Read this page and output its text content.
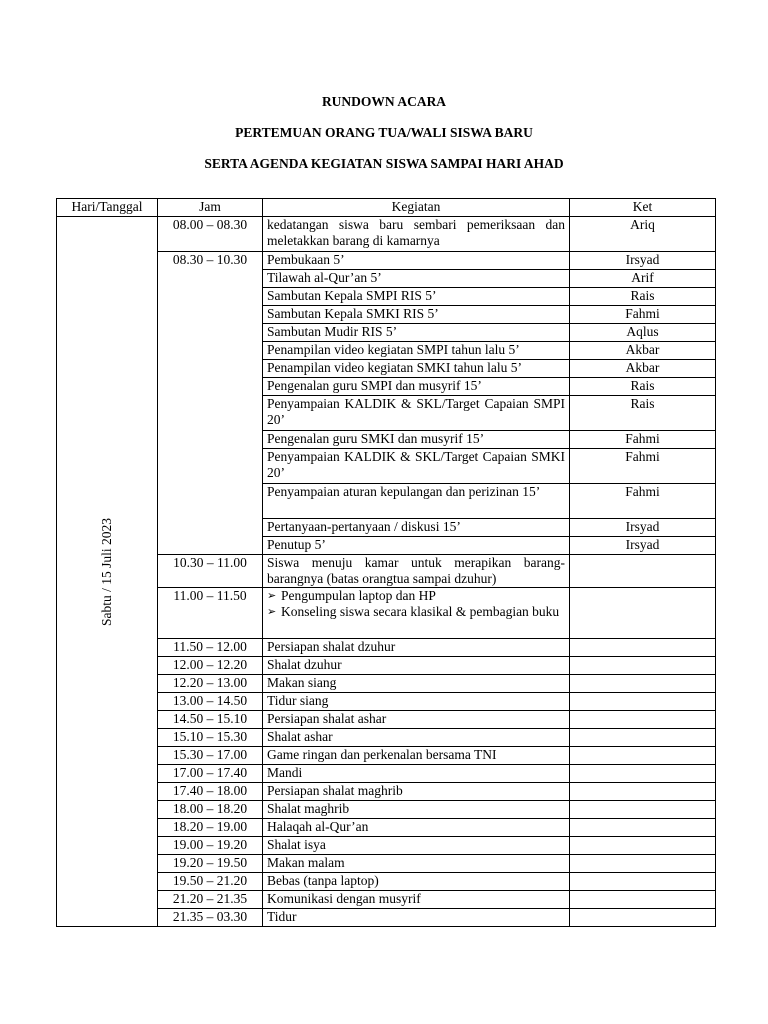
RUNDOWN ACARA
PERTEMUAN ORANG TUA/WALI SISWA BARU
SERTA AGENDA KEGIATAN SISWA SAMPAI HARI AHAD
Hari/Tanggal	Jam	Kegiatan	Ket

Sabtu / 15 Juli 2023	08.00 – 08.30	kedatangan siswa baru sembari pemeriksaan dan meletakkan barang di kamarnya	Ariq
	08.30 – 10.30	Pembukaan 5’	Irsyad
		Tilawah al-Qur’an 5’	Arif
		Sambutan Kepala SMPI RIS 5’	Rais
		Sambutan Kepala SMKI RIS 5’	Fahmi
		Sambutan Mudir RIS 5’	Aqlus
		Penampilan video kegiatan SMPI tahun lalu 5’	Akbar
		Penampilan video kegiatan SMKI tahun lalu 5’	Akbar
		Pengenalan guru SMPI dan musyrif 15’	Rais
		Penyampaian KALDIK & SKL/Target Capaian SMPI 20’	Rais
		Pengenalan guru SMKI dan musyrif 15’	Fahmi
		Penyampaian KALDIK & SKL/Target Capaian SMKI 20’	Fahmi
		Penyampaian aturan kepulangan dan perizinan 15’	Fahmi
		Pertanyaan-pertanyaan / diskusi 15’	Irsyad
		Penutup 5’	Irsyad
	10.30 – 11.00	Siswa menuju kamar untuk merapikan barang-barangnya (batas orangtua sampai dzuhur)	
	11.00 – 11.50	➢ Pengumpulan laptop dan HP
➢ Konseling siswa secara klasikal & pembagian buku	

	11.50 – 12.00	Persiapan shalat dzuhur	
	12.00 – 12.20	Shalat dzuhur	
	12.20 – 13.00	Makan siang	
	13.00 – 14.50	Tidur siang	
	14.50 – 15.10	Persiapan shalat ashar	
	15.10 – 15.30	Shalat ashar	
	15.30 – 17.00	Game ringan dan perkenalan bersama TNI	
	17.00 – 17.40	Mandi	
	17.40 – 18.00	Persiapan shalat maghrib	
	18.00 – 18.20	Shalat maghrib	
	18.20 – 19.00	Halaqah al-Qur’an	
	19.00 – 19.20	Shalat isya	
	19.20 – 19.50	Makan malam	
	19.50 – 21.20	Bebas (tanpa laptop)	
	21.20 – 21.35	Komunikasi dengan musyrif	
	21.35 – 03.30	Tidur	
